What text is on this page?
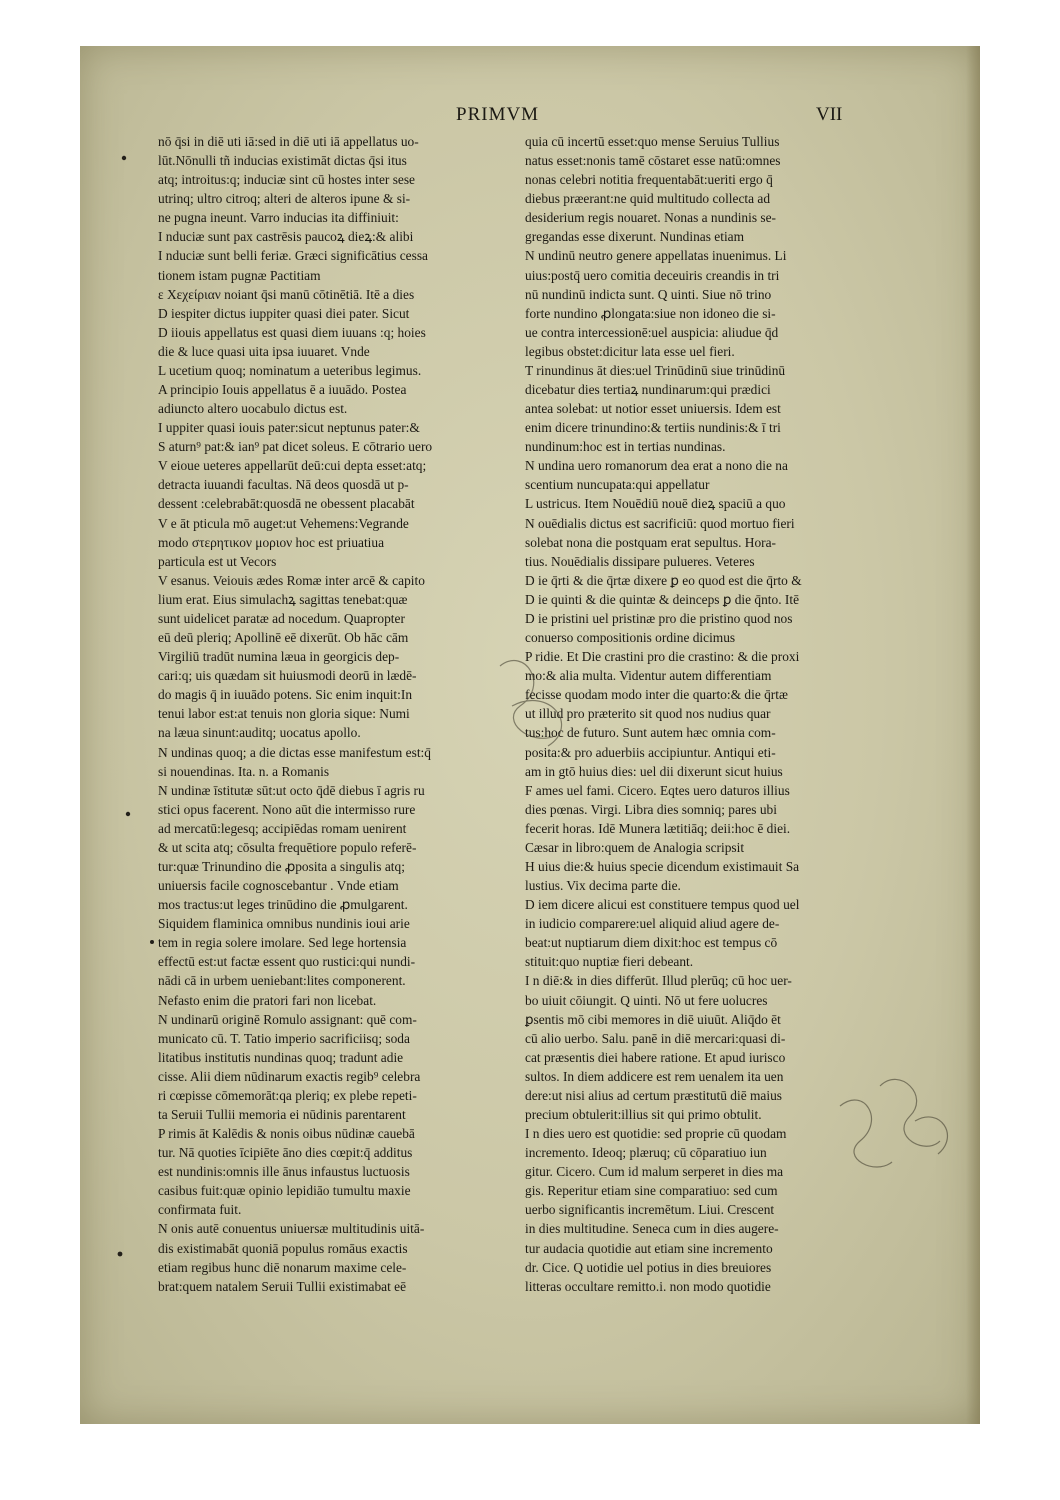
PRIMVM	VII
nō q̄si in diē uti iā:sed in diē uti iā appellatus uo-
lūt.Nōnulli tñ inducias existimāt dictas q̄si itus
atq; introitus:q; induciæ sint cū hostes inter sese
utrinq; ultro citroq; alteri de alteros ipune & si-
ne pugna ineunt. Varro inducias ita diffiniuit:
I nduciæ sunt pax castrēsis paucoꝝ dieꝝ:& alibi
I nduciæ sunt belli feriæ. Græci significātius cessa
tionem istam pugnæ Pactitiam
ε Χεχείριαν noiant q̄si manū cōtinētiā. Itē a dies
D iespiter dictus iuppiter quasi diei pater. Sicut
D iiouis appellatus est quasi diem iuuans :q; hoies
die & luce quasi uita ipsa iuuaret. Vnde
L ucetium quoq; nominatum a ueteribus legimus.
A principio Iouis appellatus ē a iuuādo. Postea
adiuncto altero uocabulo dictus est.
I uppiter quasi iouis pater:sicut neptunus pater:&
S aturn⁹ pat:& ian⁹ pat dicet soleus. E cōtrario uero
V eioue ueteres appellarūt deū:cui depta esset:atq;
detracta iuuandi facultas. Nā deos quosdā ut p-
dessent :celebrabāt:quosdā ne obessent placabāt
V e āt pticula mō auget:ut Vehemens:Vegrande
modo στερητικον μοριον hoc est priuatiua
particula est ut Vecors
V esanus. Veiouis ædes Romæ inter arcē & capito
lium erat. Eius simulachꝝ sagittas tenebat:quæ
sunt uidelicet paratæ ad nocedum. Quapropter
eū deū pleriq; Apollinē eē dixerūt. Ob hāc cām
Virgiliū tradūt numina læua in georgicis dep-
cari:q; uis quædam sit huiusmodi deorū in lædē-
do magis q̄ in iuuādo potens. Sic enim inquit:In
tenui labor est:at tenuis non gloria sique: Numi
na læua sinunt:auditq; uocatus apollo.
N undinas quoq; a die dictas esse manifestum est:q̄
si nouendinas. Ita. n. a Romanis
N undinæ īstitutæ sūt:ut octo q̄dē diebus ī agris ru
stici opus facerent. Nono aūt die intermisso rure
ad mercatū:legesq; accipiēdas romam uenirent
& ut scita atq; cōsulta frequētiore populo referē-
tur:quæ Trinundino die ꝓposita a singulis atq;
uniuersis facile cognoscebantur . Vnde etiam
mos tractus:ut leges trinūdino die ꝓmulgarent.
Siquidem flaminica omnibus nundinis ioui arie
tem in regia solere imolare. Sed lege hortensia
effectū est:ut factæ essent quo rustici:qui nundi-
nādi cā in urbem ueniebant:lites componerent.
Nefasto enim die pratori fari non licebat.
N undinarū originē Romulo assignant: quē com-
municato cū. T. Tatio imperio sacrificiisq; soda
litatibus institutis nundinas quoq; tradunt adie
cisse. Alii diem nūdinarum exactis regib⁹ celebra
ri cœpisse cōmemorāt:qa pleriq; ex plebe repeti-
ta Seruii Tullii memoria ei nūdinis parentarent
P rimis āt Kalēdis & nonis oibus nūdinæ cauebā
tur. Nā quoties īcipiēte āno dies cœpit:q̄ additus
est nundinis:omnis ille ānus infaustus luctuosis
casibus fuit:quæ opinio lepidiāo tumultu maxie
confirmata fuit.
N onis autē conuentus uniuersæ multitudinis uitā-
dis existimabāt quoniā populus romāus exactis
etiam regibus hunc diē nonarum maxime cele-
brat:quem natalem Seruii Tullii existimabat eē
quia cū incertū esset:quo mense Seruius Tullius
natus esset:nonis tamē cōstaret esse natū:omnes
nonas celebri notitia frequentabāt:ueriti ergo q̄
diebus præerant:ne quid multitudo collecta ad
desiderium regis nouaret. Nonas a nundinis se-
gregandas esse dixerunt. Nundinas etiam
N undinū neutro genere appellatas inuenimus. Li
uius:postq̄ uero comitia deceuiris creandis in tri
nū nundinū indicta sunt. Q uinti. Siue nō trino
forte nundino ꝓlongata:siue non idoneo die si-
ue contra intercessionē:uel auspicia: aliudue q̄d
legibus obstet:dicitur lata esse uel fieri.
T rinundinus āt dies:uel Trinūdinū siue trinūdinū
dicebatur dies tertiaꝝ nundinarum:qui prædici
antea solebat: ut notior esset uniuersis. Idem est
enim dicere trinundino:& tertiis nundinis:& ī tri
nundinum:hoc est in tertias nundinas.
N undina uero romanorum dea erat a nono die na
scentium nuncupata:qui appellatur
L ustricus. Item Nouēdiū nouē dieꝝ spaciū a quo
N ouēdialis dictus est sacrificiū: quod mortuo fieri
solebat nona die postquam erat sepultus. Hora-
tius. Nouēdialis dissipare pulueres. Veteres
D ie q̄rti & die q̄rtæ dixere ꝑ eo quod est die q̄rto &
D ie quinti & die quintæ & deinceps ꝑ die q̄nto. Itē
D ie pristini uel pristinæ pro die pristino quod nos
conuerso compositionis ordine dicimus
P ridie. Et Die crastini pro die crastino: & die proxi
mo:& alia multa. Videntur autem differentiam
fecisse quodam modo inter die quarto:& die q̄rtæ
ut illud pro præterito sit quod nos nudius quar
tus:hoc de futuro. Sunt autem hæc omnia com-
posita:& pro aduerbiis accipiuntur. Antiqui eti-
am in gtō huius dies: uel dii dixerunt sicut huius
F ames uel fami. Cicero. Eqtes uero daturos illius
dies pœnas. Virgi. Libra dies somniq; pares ubi
fecerit horas. Idē Munera lætitiāq; deii:hoc ē diei.
Cæsar in libro:quem de Analogia scripsit
H uius die:& huius specie dicendum existimauit Sa
lustius. Vix decima parte die.
D iem dicere alicui est constituere tempus quod uel
in iudicio comparere:uel aliquid aliud agere de-
beat:ut nuptiarum diem dixit:hoc est tempus cō
stituit:quo nuptiæ fieri debeant.
I n diē:& in dies differūt. Illud plerūq; cū hoc uer-
bo uiuit cōiungit. Q uinti. Nō ut fere uolucres
ꝑsentis mō cibi memores in diē uiuūt. Aliq̄do ēt
cū alio uerbo. Salu. panē in diē mercari:quasi di-
cat præsentis diei habere ratione. Et apud iurisco
sultos. In diem addicere est rem uenalem ita uen
dere:ut nisi alius ad certum præstitutū diē maius
precium obtulerit:illius sit qui primo obtulit.
I n dies uero est quotidie: sed proprie cū quodam
incremento. Ideoq; plæruq; cū cōparatiuo iun
gitur. Cicero. Cum id malum serperet in dies ma
gis. Reperitur etiam sine comparatiuo: sed cum
uerbo significantis incremētum. Liui. Crescent
in dies multitudine. Seneca cum in dies augere-
tur audacia quotidie aut etiam sine incremento
dr. Cice. Q uotidie uel potius in dies breuiores
litteras occultare remitto.i. non modo quotidie
